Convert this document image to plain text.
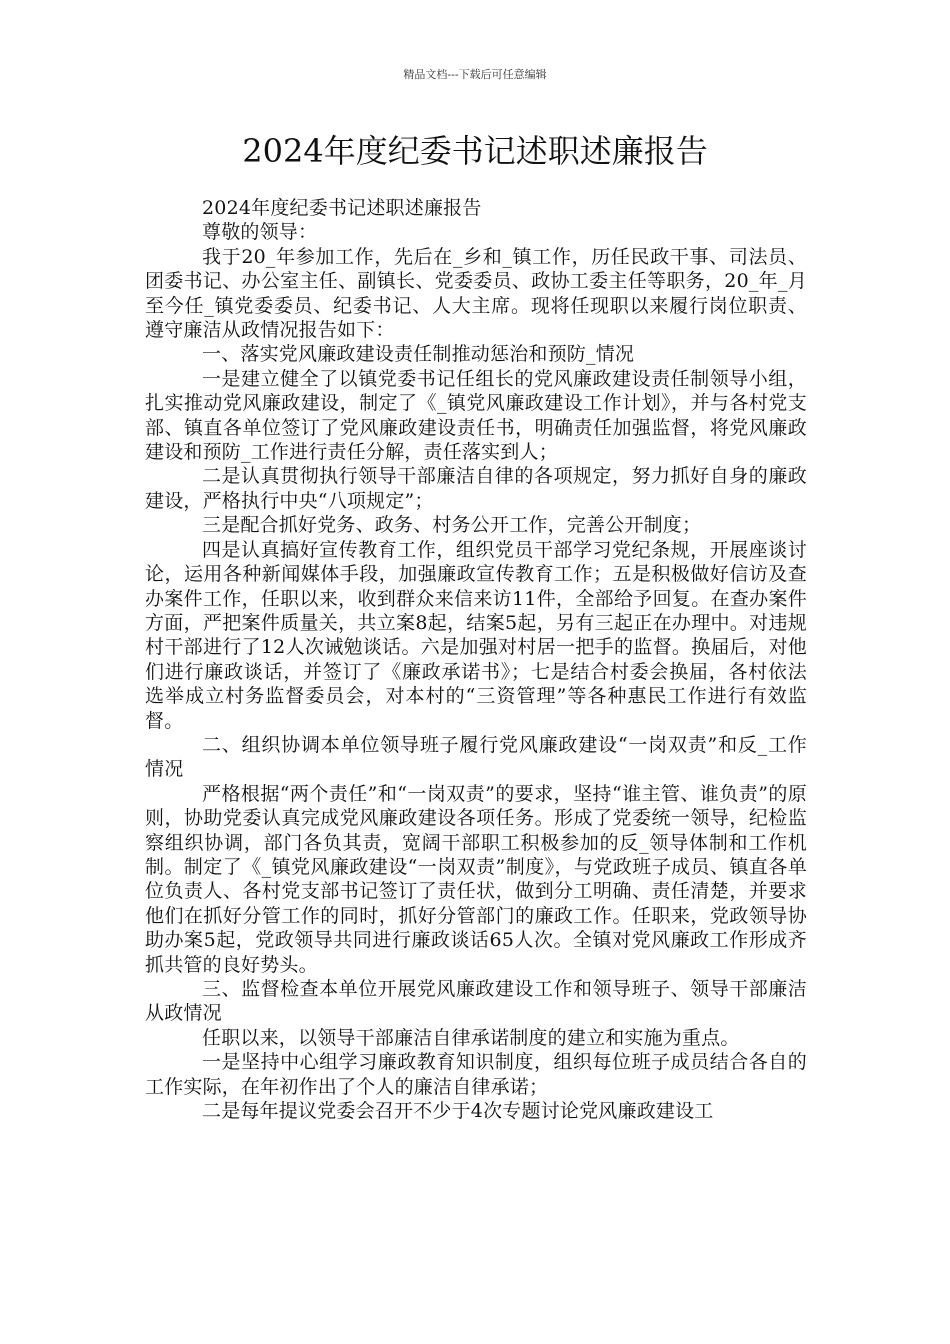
精品文档---下载后可任意编辑
2024年度纪委书记述职述廉报告

2024年度纪委书记述职述廉报告

尊敬的领导：

我于20_年参加工作，先后在_乡和_镇工作，历任民政干事、司法员、团委书记、办公室主任、副镇长、党委委员、政协工委主任等职务，20_年_月至今任_镇党委委员、纪委书记、人大主席。现将任现职以来履行岗位职责、遵守廉洁从政情况报告如下：

一、落实党风廉政建设责任制推动惩治和预防_情况

一是建立健全了以镇党委书记任组长的党风廉政建设责任制领导小组，扎实推动党风廉政建设，制定了《_镇党风廉政建设工作计划》，并与各村党支部、镇直各单位签订了党风廉政建设责任书，明确责任加强监督，将党风廉政建设和预防_工作进行责任分解，责任落实到人；

二是认真贯彻执行领导干部廉洁自律的各项规定，努力抓好自身的廉政建设，严格执行中央“八项规定”；

三是配合抓好党务、政务、村务公开工作，完善公开制度；

四是认真搞好宣传教育工作，组织党员干部学习党纪条规，开展座谈讨论，运用各种新闻媒体手段，加强廉政宣传教育工作；五是积极做好信访及查办案件工作，任职以来，收到群众来信来访11件，全部给予回复。在查办案件方面，严把案件质量关，共立案8起，结案5起，另有三起正在办理中。对违规村干部进行了12人次诫勉谈话。六是加强对村居一把手的监督。换届后，对他们进行廉政谈话，并签订了《廉政承诺书》；七是结合村委会换届，各村依法选举成立村务监督委员会，对本村的“三资管理”等各种惠民工作进行有效监督。

二、组织协调本单位领导班子履行党风廉政建设“一岗双责”和反_工作情况

严格根据“两个责任”和“一岗双责”的要求，坚持“谁主管、谁负责”的原则，协助党委认真完成党风廉政建设各项任务。形成了党委统一领导，纪检监察组织协调，部门各负其责，宽阔干部职工积极参加的反_领导体制和工作机制。制定了《_镇党风廉政建设“一岗双责”制度》，与党政班子成员、镇直各单位负责人、各村党支部书记签订了责任状，做到分工明确、责任清楚，并要求他们在抓好分管工作的同时，抓好分管部门的廉政工作。任职来，党政领导协助办案5起，党政领导共同进行廉政谈话65人次。全镇对党风廉政工作形成齐抓共管的良好势头。

三、监督检查本单位开展党风廉政建设工作和领导班子、领导干部廉洁从政情况

任职以来，以领导干部廉洁自律承诺制度的建立和实施为重点。

一是坚持中心组学习廉政教育知识制度，组织每位班子成员结合各自的工作实际，在年初作出了个人的廉洁自律承诺；

二是每年提议党委会召开不少于4次专题讨论党风廉政建设工
